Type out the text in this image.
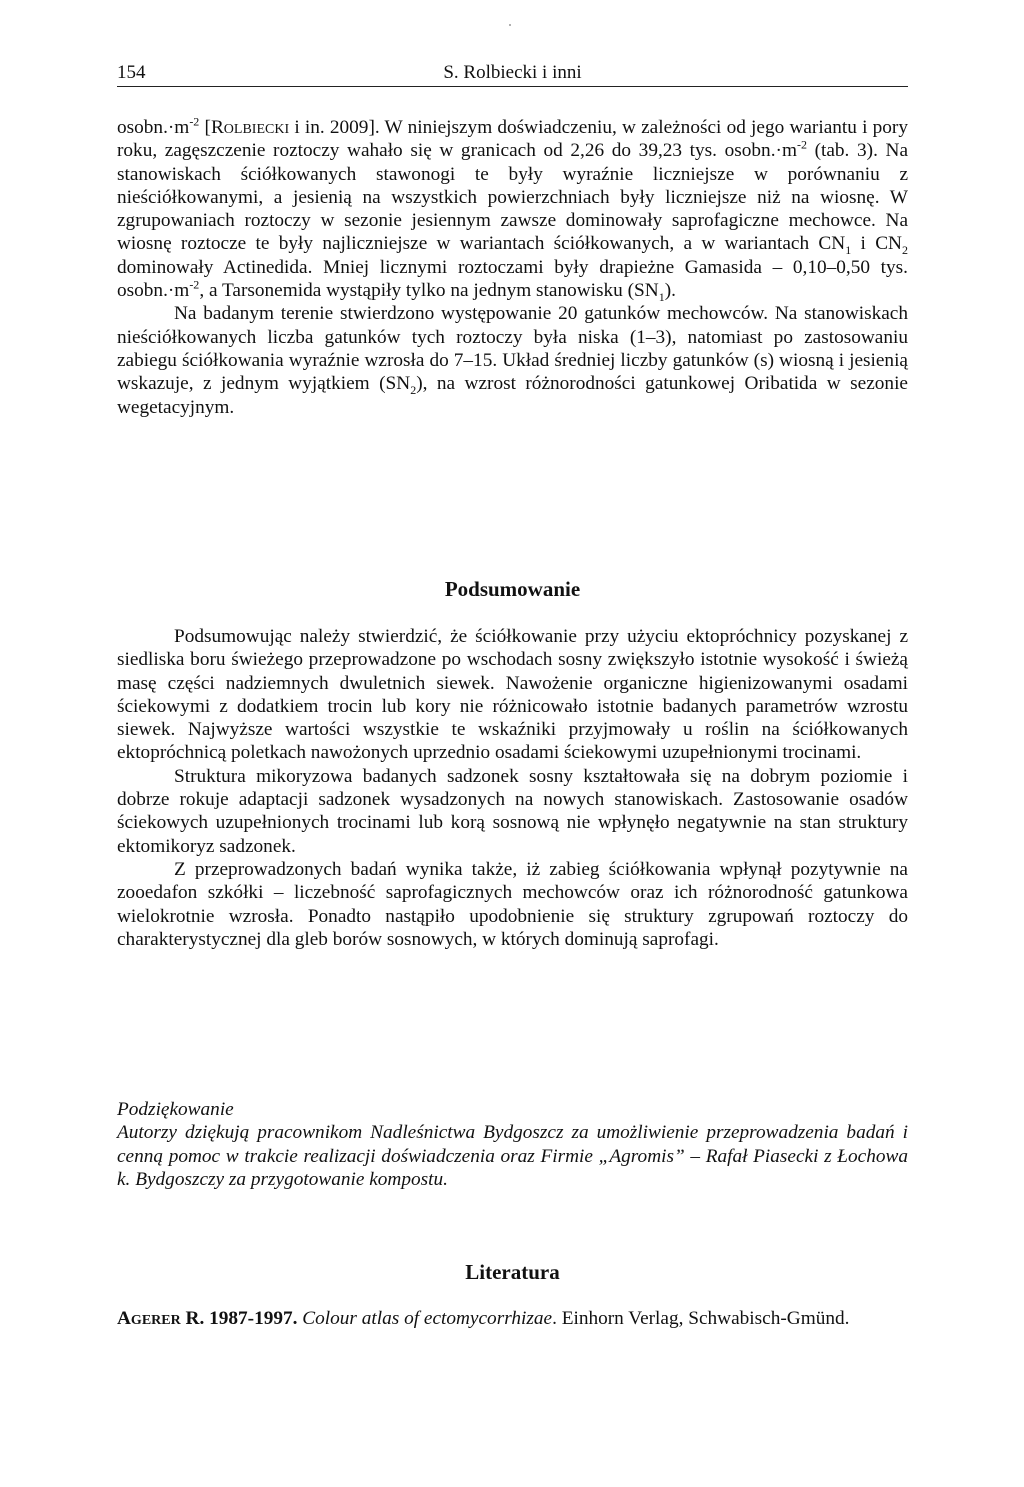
154	S. Rolbiecki i inni

$osobn.\cdot m^{-2}$ [Rolbiecki i in. 2009]. W niniejszym doświadczeniu, w zależności od jego wariantu i pory roku, zagęszczenie roztoczy wahało się w granicach od 2,26 do 39,23 tys. $osobn.\cdot m^{-2}$ (tab. 3). Na stanowiskach ściółkowanych stawonogi te były wyraźnie liczniejsze w porównaniu z nieściółkowanymi, a jesienią na wszystkich powierzchniach były liczniejsze niż na wiosnę. W zgrupowaniach roztoczy w sezonie jesiennym zawsze dominowały saprofagiczne mechowce. Na wiosnę roztocze te były najliczniejsze w wariantach ściółkowanych, a w wariantach $CN_1$ i $CN_2$ dominowały Actinedida. Mniej licznymi roztoczami były drapieżne Gamasida – 0,10–0,50 tys. $osobn.\cdot m^{-2}$, a Tarsonemida wystąpiły tylko na jednym stanowisku $(SN_1)$.

Na badanym terenie stwierdzono występowanie 20 gatunków mechowców. Na stanowiskach nieściółkowanych liczba gatunków tych roztoczy była niska (1–3), natomiast po zastosowaniu zabiegu ściółkowania wyraźnie wzrosła do 7–15. Układ średniej liczby gatunków (s) wiosną i jesienią wskazuje, z jednym wyjątkiem $(SN_2)$, na wzrost różnorodności gatunkowej Oribatida w sezonie wegetacyjnym.

Podsumowanie

Podsumowując należy stwierdzić, że ściółkowanie przy użyciu ektopróchnicy pozyskanej z siedliska boru świeżego przeprowadzone po wschodach sosny zwiększyło istotnie wysokość i świeżą masę części nadziemnych dwuletnich siewek. Nawożenie organiczne higienizowanymi osadami ściekowymi z dodatkiem trocin lub kory nie różnicowało istotnie badanych parametrów wzrostu siewek. Najwyższe wartości wszystkie te wskaźniki przyjmowały u roślin na ściółkowanych ektopróchnicą poletkach nawożonych uprzednio osadami ściekowymi uzupełnionymi trocinami.

Struktura mikoryzowa badanych sadzonek sosny kształtowała się na dobrym poziomie i dobrze rokuje adaptacji sadzonek wysadzonych na nowych stanowiskach. Zastosowanie osadów ściekowych uzupełnionych trocinami lub korą sosnową nie wpłynęło negatywnie na stan struktury ektomikoryz sadzonek.

Z przeprowadzonych badań wynika także, iż zabieg ściółkowania wpłynął pozytywnie na zooedafon szkółki – liczebność saprofagicznych mechowców oraz ich różnorodność gatunkowa wielokrotnie wzrosła. Ponadto nastąpiło upodobnienie się struktury zgrupowań roztoczy do charakterystycznej dla gleb borów sosnowych, w których dominują saprofagi.

Podziękowanie

Autorzy dziękują pracownikom Nadleśnictwa Bydgoszcz za umożliwienie przeprowadzenia badań i cenną pomoc w trakcie realizacji doświadczenia oraz Firmie „Agromis” – Rafał Piasecki z Łochowa k. Bydgoszczy za przygotowanie kompostu.

Literatura

Agerer R. 1987-1997. Colour atlas of ectomycorrhizae. Einhorn Verlag, Schwabisch-Gmünd.
